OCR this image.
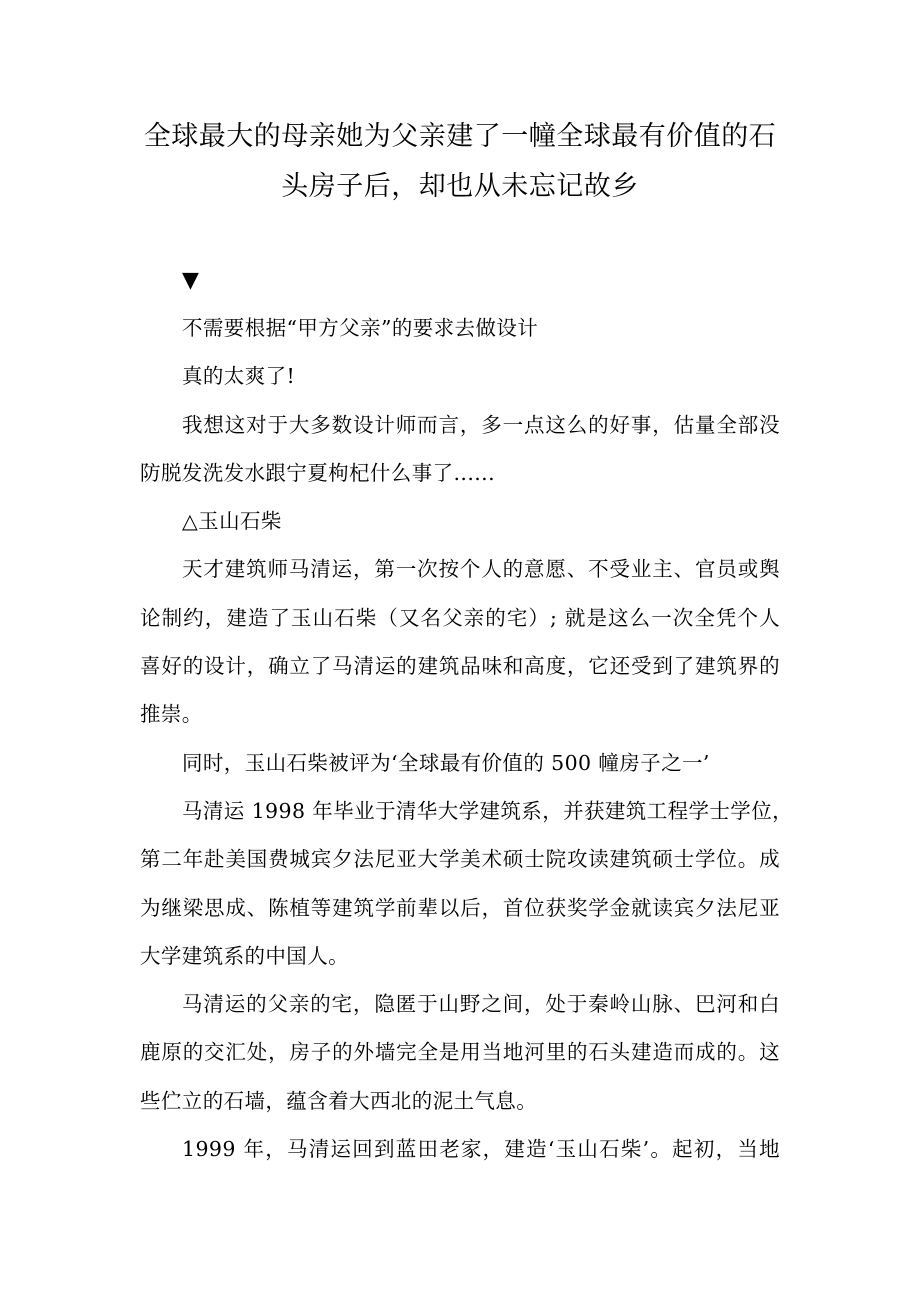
全球最大的母亲她为父亲建了一幢全球最有价值的石
头房子后，却也从未忘记故乡
▼

不需要根据“甲方父亲”的要求去做设计

真的太爽了!

我想这对于大多数设计师而言，多一点这么的好事，估量全部没
防脱发洗发水跟宁夏枸杞什么事了......

△玉山石柴

天才建筑师马清运，第一次按个人的意愿、不受业主、官员或舆
论制约，建造了玉山石柴（又名父亲的宅）; 就是这么一次全凭个人
喜好的设计，确立了马清运的建筑品味和高度，它还受到了建筑界的
推崇。

同时，玉山石柴被评为‘全球最有价值的 500 幢房子之一’

马清运 1998 年毕业于清华大学建筑系，并获建筑工程学士学位，
第二年赴美国费城宾夕法尼亚大学美术硕士院攻读建筑硕士学位。成
为继梁思成、陈植等建筑学前辈以后，首位获奖学金就读宾夕法尼亚
大学建筑系的中国人。

马清运的父亲的宅，隐匿于山野之间，处于秦岭山脉、巴河和白
鹿原的交汇处，房子的外墙完全是用当地河里的石头建造而成的。这
些伫立的石墙，蕴含着大西北的泥土气息。

1999 年，马清运回到蓝田老家，建造‘玉山石柴’。起初，当地
